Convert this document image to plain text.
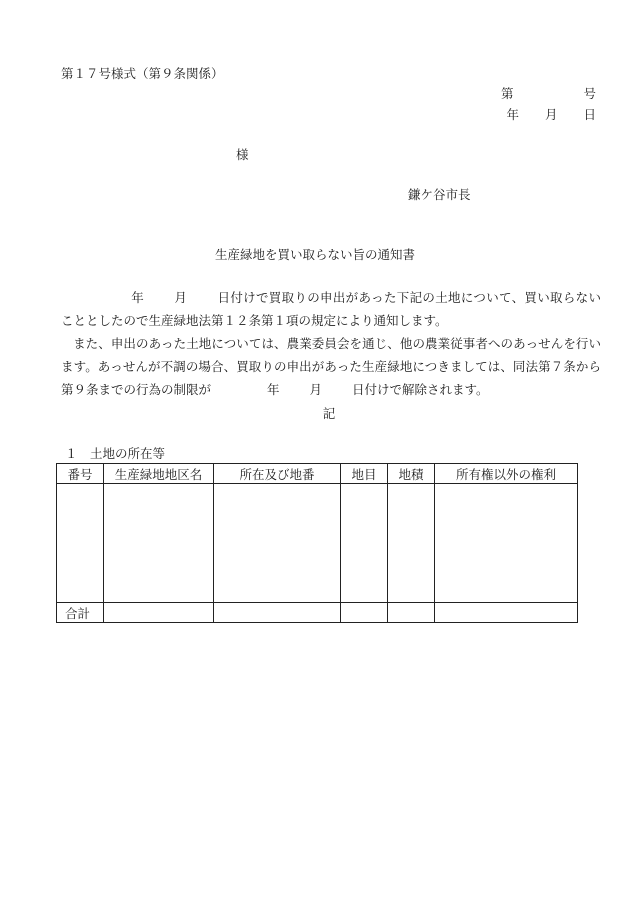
第１７号様式（第９条関係）
第	号
年 月 日
様
鎌ケ谷市長
生産緑地を買い取らない旨の通知書

年 月 日付けで買取りの申出があった下記の土地について、買い取らないこととしたので生産緑地法第１２条第１項の規定により通知します。

また、申出のあった土地については、農業委員会を通じ、他の農業従事者へのあっせんを行います。あっせんが不調の場合、買取りの申出があった生産緑地につきましては、同法第７条から第９条までの行為の制限が	年 月 日付けで解除されます。

記
１　土地の所在等
番号	生産緑地地区名	所在及び地番	地目	地積	所有権以外の権利

合計					
